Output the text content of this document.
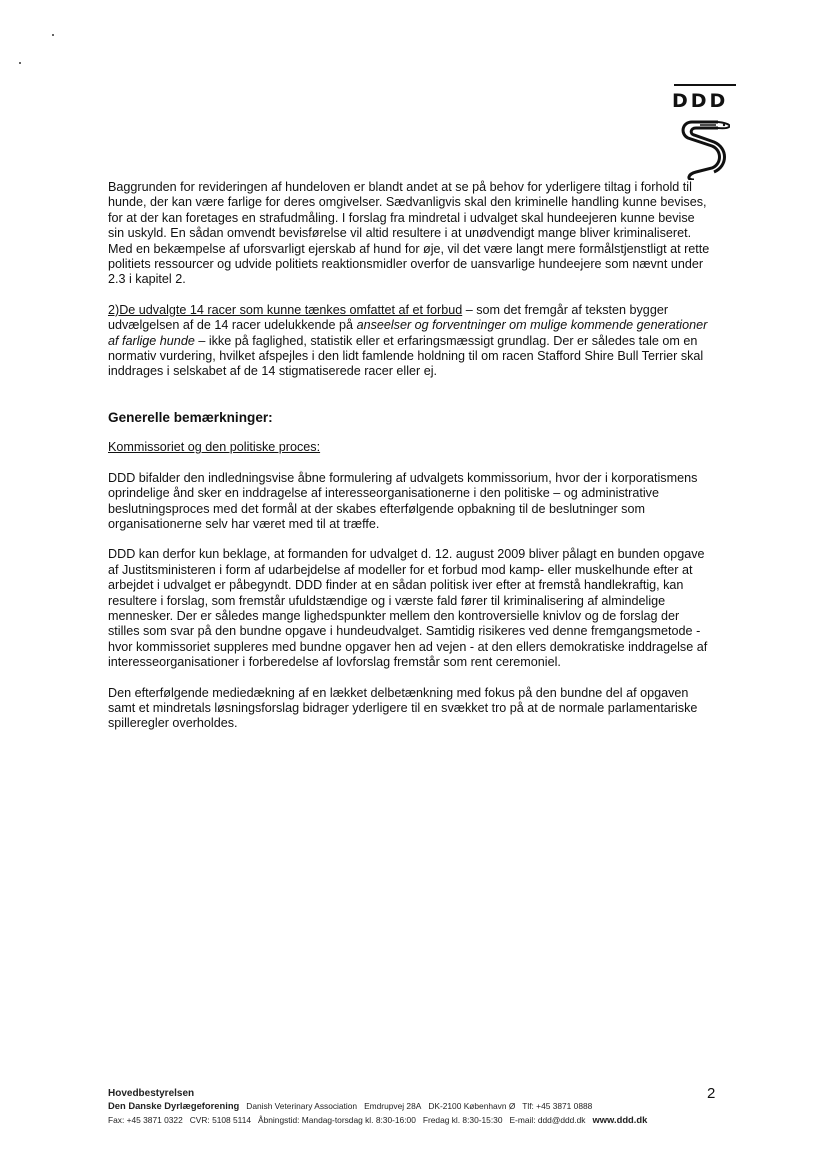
DDD

Baggrunden for revideringen af hundeloven er blandt andet at se på behov for yderligere tiltag i forhold til hunde, der kan være farlige for deres omgivelser. Sædvanligvis skal den kriminelle handling kunne bevises, for at der kan foretages en strafudmåling. I forslag fra mindretal i udvalget skal hundeejeren kunne bevise sin uskyld. En sådan omvendt bevisførelse vil altid resultere i at unødvendigt mange bliver kriminaliseret.

Med en bekæmpelse af uforsvarligt ejerskab af hund for øje, vil det være langt mere formålstjenstligt at rette politiets ressourcer og udvide politiets reaktionsmidler overfor de uansvarlige hundeejere som nævnt under 2.3 i kapitel 2.

2)De udvalgte 14 racer som kunne tænkes omfattet af et forbud – som det fremgår af teksten bygger udvælgelsen af de 14 racer udelukkende på anseelser og forventninger om mulige kommende generationer af farlige hunde – ikke på faglighed, statistik eller et erfaringsmæssigt grundlag. Der er således tale om en normativ vurdering, hvilket afspejles i den lidt famlende holdning til om racen Stafford Shire Bull Terrier skal inddrages i selskabet af de 14 stigmatiserede racer eller ej.

Generelle bemærkninger:

Kommissoriet og den politiske proces:

DDD bifalder den indledningsvise åbne formulering af udvalgets kommissorium, hvor der i korporatismens oprindelige ånd sker en inddragelse af interesseorganisationerne i den politiske – og administrative beslutningsproces med det formål at der skabes efterfølgende opbakning til de beslutninger som organisationerne selv har været med til at træffe.

DDD kan derfor kun beklage, at formanden for udvalget d. 12. august 2009 bliver pålagt en bunden opgave af Justitsministeren i form af udarbejdelse af modeller for et forbud mod kamp- eller muskelhunde efter at arbejdet i udvalget er påbegyndt. DDD finder at en sådan politisk iver efter at fremstå handlekraftig, kan resultere i forslag, som fremstår ufuldstændige og i værste fald fører til kriminalisering af almindelige mennesker. Der er således mange lighedspunkter mellem den kontroversielle knivlov og de forslag der stilles som svar på den bundne opgave i hundeudvalget. Samtidig risikeres ved denne fremgangsmetode - hvor kommissoriet suppleres med bundne opgaver hen ad vejen - at den ellers demokratiske inddragelse af interesseorganisationer i forberedelse af lovforslag fremstår som rent ceremoniel.

Den efterfølgende mediedækning af en lækket delbetænkning med fokus på den bundne del af opgaven samt et mindretals løsningsforslag bidrager yderligere til en svækket tro på at de normale parlamentariske spilleregler overholdes.

2
Hovedbestyrelsen
Den Danske Dyrlægeforening Danish Veterinary Association Emdrupvej 28A DK-2100 København Ø Tlf: +45 3871 0888
Fax: +45 3871 0322 CVR: 5108 5114 Åbningstid: Mandag-torsdag kl. 8:30-16:00 Fredag kl. 8:30-15:30 E-mail: ddd@ddd.dk www.ddd.dk
